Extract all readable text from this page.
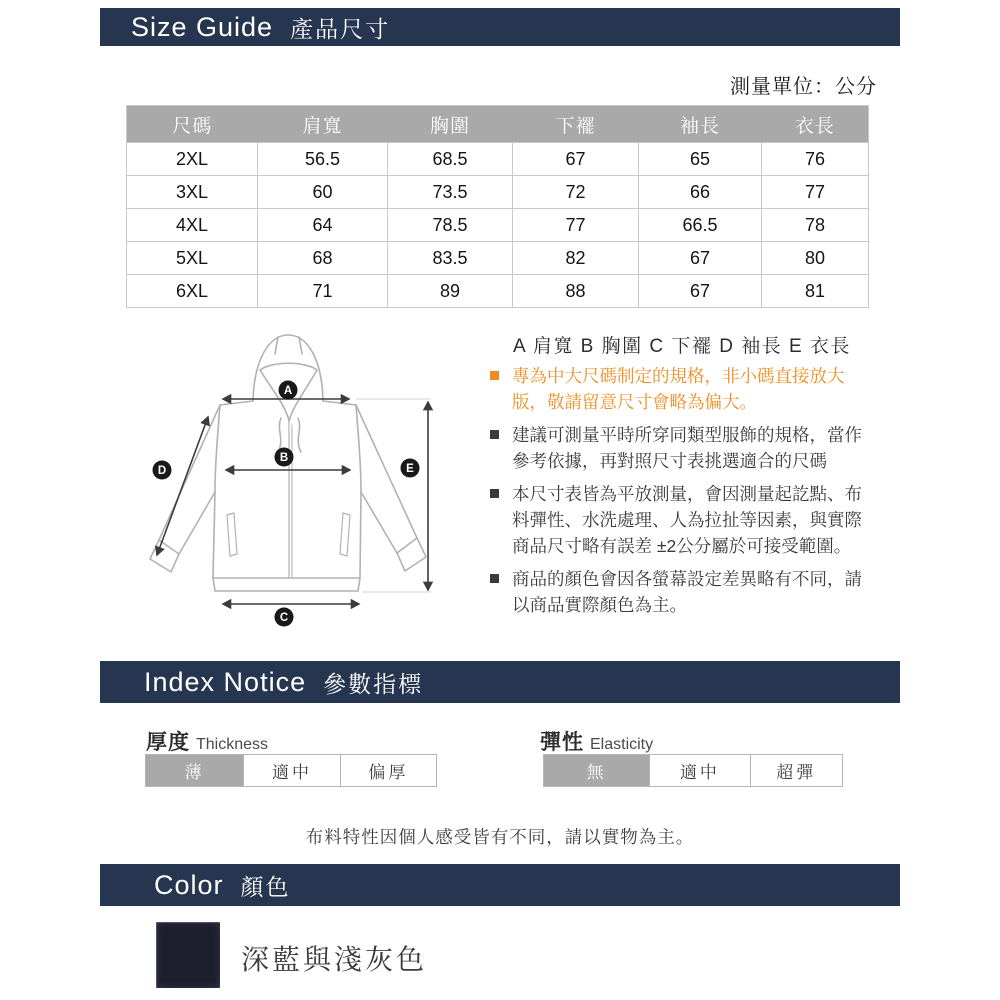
Size Guide 產品尺寸
測量單位：公分
尺碼	肩寬	胸圍	下襬	袖長	衣長
2XL	56.5	68.5	67	65	76
3XL	60	73.5	72	66	77
4XL	64	78.5	77	66.5	78
5XL	68	83.5	82	67	80
6XL	71	89	88	67	81
A
B
C
D	E
A 肩寬 B 胸圍 C 下襬 D 袖長 E 衣長
專為中大尺碼制定的規格，非小碼直接放大版，敬請留意尺寸會略為偏大。
建議可測量平時所穿同類型服飾的規格，當作參考依據，再對照尺寸表挑選適合的尺碼
本尺寸表皆為平放測量，會因測量起訖點、布料彈性、水洗處理、人為拉扯等因素，與實際商品尺寸略有誤差 ±2公分屬於可接受範圍。
商品的顏色會因各螢幕設定差異略有不同，請以商品實際顏色為主。
Index Notice 參數指標
厚度 Thickness
薄	適中	偏厚
彈性 Elasticity
無	適中	超彈
布料特性因個人感受皆有不同，請以實物為主。
Color 顏色
深藍與淺灰色
